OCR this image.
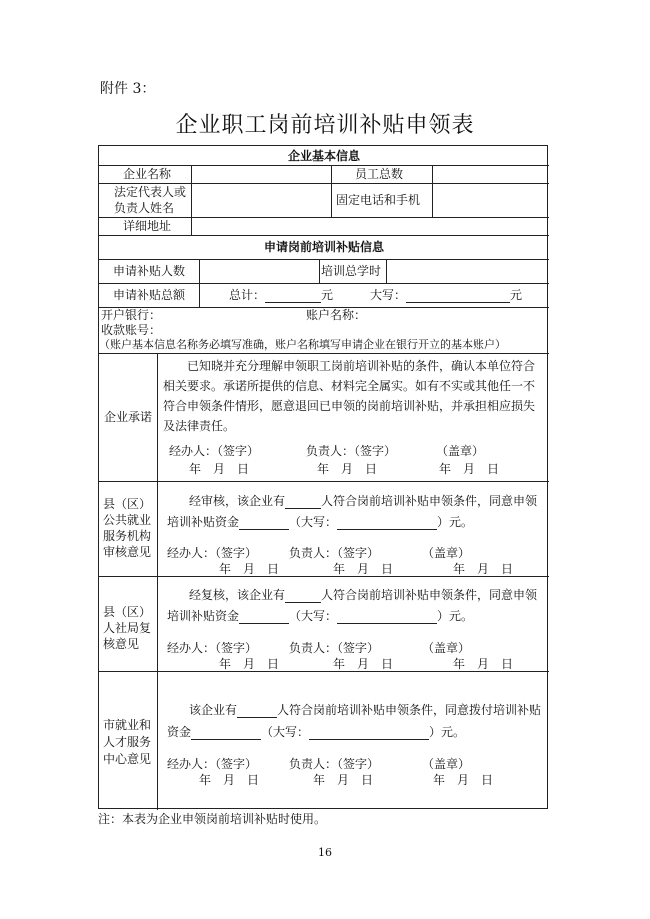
附件 3：
企业职工岗前培训补贴申领表
企业基本信息
企业名称	员工总数
法定代表人或
负责人姓名
固定电话和手机
详细地址
申请岗前培训补贴信息
申请补贴人数	培训总学时
申请补贴总额	总计：	元	大写：	元
开户银行：	账户名称：
收款账号：
（账户基本信息名称务必填写准确，账户名称填写申请企业在银行开立的基本账户）
企业承诺
已知晓并充分理解申领职工岗前培训补贴的条件，确认本单位符合相关要求。承诺所提供的信息、材料完全属实。如有不实或其他任一不符合申领条件情形，愿意退回已申领的岗前培训补贴，并承担相应损失及法律责任。
经办人：（签字）	负责人：（签字）	（盖章）
年　月　日	年　月　日	年　月　日
县（区）
公共就业
服务机构
审核意见
经审核，该企业有	人符合岗前培训补贴申领条件，同意申领
培训补贴资金	（大写：	）元。
经办人：（签字）	负责人：（签字）	（盖章）
年　月　日	年　月　日	年　月　日
县（区）
人社局复
核意见
经复核，该企业有	人符合岗前培训补贴申领条件，同意申领
培训补贴资金	（大写：	）元。
经办人：（签字）	负责人：（签字）	（盖章）
年　月　日	年　月　日	年　月　日
市就业和
人才服务
中心意见
该企业有	人符合岗前培训补贴申领条件，同意拨付培训补贴
资金	（大写：	）元。
经办人：（签字）	负责人：（签字）	（盖章）
年　月　日	年　月　日	年　月　日
注：本表为企业申领岗前培训补贴时使用。
16
